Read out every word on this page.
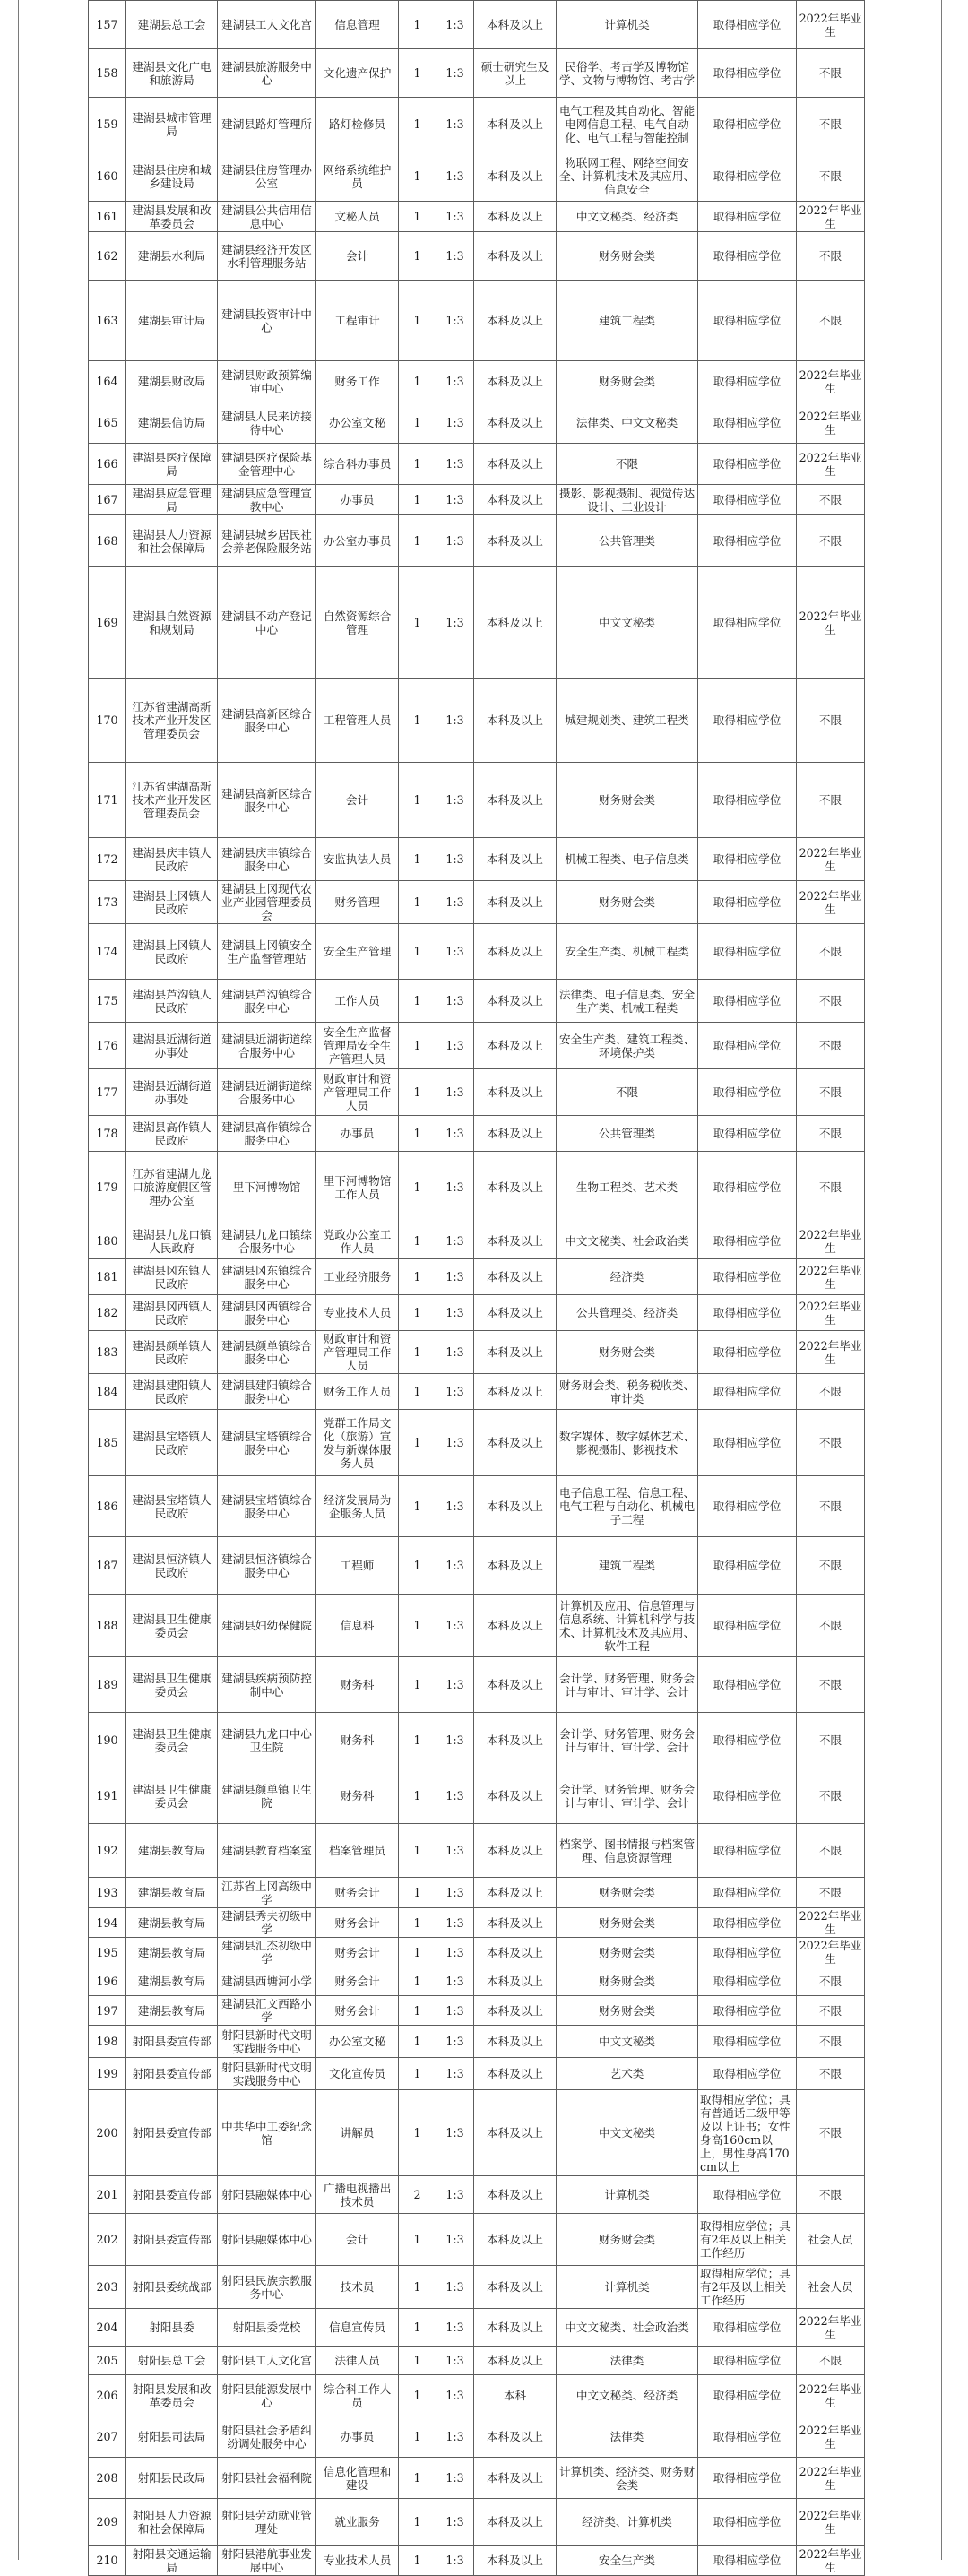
157	建湖县总工会	建湖县工人文化宫	信息管理	1	1:3	本科及以上	计算机类	取得相应学位	2022年毕业生
158	建湖县文化广电和旅游局	建湖县旅游服务中心	文化遗产保护	1	1:3	硕士研究生及以上	民俗学、考古学及博物馆学、文物与博物馆、考古学	取得相应学位	不限
159	建湖县城市管理局	建湖县路灯管理所	路灯检修员	1	1:3	本科及以上	电气工程及其自动化、智能电网信息工程、电气自动化、电气工程与智能控制	取得相应学位	不限
160	建湖县住房和城乡建设局	建湖县住房管理办公室	网络系统维护员	1	1:3	本科及以上	物联网工程、网络空间安全、计算机技术及其应用、信息安全	取得相应学位	不限
161	建湖县发展和改革委员会	建湖县公共信用信息中心	文秘人员	1	1:3	本科及以上	中文文秘类、经济类	取得相应学位	2022年毕业生
162	建湖县水利局	建湖县经济开发区水利管理服务站	会计	1	1:3	本科及以上	财务财会类	取得相应学位	不限
163	建湖县审计局	建湖县投资审计中心	工程审计	1	1:3	本科及以上	建筑工程类	取得相应学位	不限
164	建湖县财政局	建湖县财政预算编审中心	财务工作	1	1:3	本科及以上	财务财会类	取得相应学位	2022年毕业生
165	建湖县信访局	建湖县人民来访接待中心	办公室文秘	1	1:3	本科及以上	法律类、中文文秘类	取得相应学位	2022年毕业生
166	建湖县医疗保障局	建湖县医疗保险基金管理中心	综合科办事员	1	1:3	本科及以上	不限	取得相应学位	2022年毕业生
167	建湖县应急管理局	建湖县应急管理宣教中心	办事员	1	1:3	本科及以上	摄影、影视摄制、视觉传达设计、工业设计	取得相应学位	不限
168	建湖县人力资源和社会保障局	建湖县城乡居民社会养老保险服务站	办公室办事员	1	1:3	本科及以上	公共管理类	取得相应学位	不限
169	建湖县自然资源和规划局	建湖县不动产登记中心	自然资源综合管理	1	1:3	本科及以上	中文文秘类	取得相应学位	2022年毕业生
170	江苏省建湖高新技术产业开发区管理委员会	建湖县高新区综合服务中心	工程管理人员	1	1:3	本科及以上	城建规划类、建筑工程类	取得相应学位	不限
171	江苏省建湖高新技术产业开发区管理委员会	建湖县高新区综合服务中心	会计	1	1:3	本科及以上	财务财会类	取得相应学位	不限
172	建湖县庆丰镇人民政府	建湖县庆丰镇综合服务中心	安监执法人员	1	1:3	本科及以上	机械工程类、电子信息类	取得相应学位	2022年毕业生
173	建湖县上冈镇人民政府	建湖县上冈现代农业产业园管理委员会	财务管理	1	1:3	本科及以上	财务财会类	取得相应学位	2022年毕业生
174	建湖县上冈镇人民政府	建湖县上冈镇安全生产监督管理站	安全生产管理	1	1:3	本科及以上	安全生产类、机械工程类	取得相应学位	不限
175	建湖县芦沟镇人民政府	建湖县芦沟镇综合服务中心	工作人员	1	1:3	本科及以上	法律类、电子信息类、安全生产类、机械工程类	取得相应学位	不限
176	建湖县近湖街道办事处	建湖县近湖街道综合服务中心	安全生产监督管理局安全生产管理人员	1	1:3	本科及以上	安全生产类、建筑工程类、环境保护类	取得相应学位	不限
177	建湖县近湖街道办事处	建湖县近湖街道综合服务中心	财政审计和资产管理局工作人员	1	1:3	本科及以上	不限	取得相应学位	不限
178	建湖县高作镇人民政府	建湖县高作镇综合服务中心	办事员	1	1:3	本科及以上	公共管理类	取得相应学位	不限
179	江苏省建湖九龙口旅游度假区管理办公室	里下河博物馆	里下河博物馆工作人员	1	1:3	本科及以上	生物工程类、艺术类	取得相应学位	不限
180	建湖县九龙口镇人民政府	建湖县九龙口镇综合服务中心	党政办公室工作人员	1	1:3	本科及以上	中文文秘类、社会政治类	取得相应学位	2022年毕业生
181	建湖县冈东镇人民政府	建湖县冈东镇综合服务中心	工业经济服务	1	1:3	本科及以上	经济类	取得相应学位	2022年毕业生
182	建湖县冈西镇人民政府	建湖县冈西镇综合服务中心	专业技术人员	1	1:3	本科及以上	公共管理类、经济类	取得相应学位	2022年毕业生
183	建湖县颜单镇人民政府	建湖县颜单镇综合服务中心	财政审计和资产管理局工作人员	1	1:3	本科及以上	财务财会类	取得相应学位	2022年毕业生
184	建湖县建阳镇人民政府	建湖县建阳镇综合服务中心	财务工作人员	1	1:3	本科及以上	财务财会类、税务税收类、审计类	取得相应学位	不限
185	建湖县宝塔镇人民政府	建湖县宝塔镇综合服务中心	党群工作局文化（旅游）宣发与新媒体服务人员	1	1:3	本科及以上	数字媒体、数字媒体艺术、影视摄制、影视技术	取得相应学位	不限
186	建湖县宝塔镇人民政府	建湖县宝塔镇综合服务中心	经济发展局为企服务人员	1	1:3	本科及以上	电子信息工程、信息工程、电气工程与自动化、机械电子工程	取得相应学位	不限
187	建湖县恒济镇人民政府	建湖县恒济镇综合服务中心	工程师	1	1:3	本科及以上	建筑工程类	取得相应学位	不限
188	建湖县卫生健康委员会	建湖县妇幼保健院	信息科	1	1:3	本科及以上	计算机及应用、信息管理与信息系统、计算机科学与技术、计算机技术及其应用、软件工程	取得相应学位	不限
189	建湖县卫生健康委员会	建湖县疾病预防控制中心	财务科	1	1:3	本科及以上	会计学、财务管理、财务会计与审计、审计学、会计	取得相应学位	不限
190	建湖县卫生健康委员会	建湖县九龙口中心卫生院	财务科	1	1:3	本科及以上	会计学、财务管理、财务会计与审计、审计学、会计	取得相应学位	不限
191	建湖县卫生健康委员会	建湖县颜单镇卫生院	财务科	1	1:3	本科及以上	会计学、财务管理、财务会计与审计、审计学、会计	取得相应学位	不限
192	建湖县教育局	建湖县教育档案室	档案管理员	1	1:3	本科及以上	档案学、图书情报与档案管理、信息资源管理	取得相应学位	不限
193	建湖县教育局	江苏省上冈高级中学	财务会计	1	1:3	本科及以上	财务财会类	取得相应学位	不限
194	建湖县教育局	建湖县秀夫初级中学	财务会计	1	1:3	本科及以上	财务财会类	取得相应学位	2022年毕业生
195	建湖县教育局	建湖县汇杰初级中学	财务会计	1	1:3	本科及以上	财务财会类	取得相应学位	2022年毕业生
196	建湖县教育局	建湖县西塘河小学	财务会计	1	1:3	本科及以上	财务财会类	取得相应学位	不限
197	建湖县教育局	建湖县汇文西路小学	财务会计	1	1:3	本科及以上	财务财会类	取得相应学位	不限
198	射阳县委宣传部	射阳县新时代文明实践服务中心	办公室文秘	1	1:3	本科及以上	中文文秘类	取得相应学位	不限
199	射阳县委宣传部	射阳县新时代文明实践服务中心	文化宣传员	1	1:3	本科及以上	艺术类	取得相应学位	不限
200	射阳县委宣传部	中共华中工委纪念馆	讲解员	1	1:3	本科及以上	中文文秘类	取得相应学位；具有普通话二级甲等及以上证书；女性身高160cm以上，男性身高170cm以上	不限
201	射阳县委宣传部	射阳县融媒体中心	广播电视播出技术员	2	1:3	本科及以上	计算机类	取得相应学位	不限
202	射阳县委宣传部	射阳县融媒体中心	会计	1	1:3	本科及以上	财务财会类	取得相应学位；具有2年及以上相关工作经历	社会人员
203	射阳县委统战部	射阳县民族宗教服务中心	技术员	1	1:3	本科及以上	计算机类	取得相应学位；具有2年及以上相关工作经历	社会人员
204	射阳县委	射阳县委党校	信息宣传员	1	1:3	本科及以上	中文文秘类、社会政治类	取得相应学位	2022年毕业生
205	射阳县总工会	射阳县工人文化宫	法律人员	1	1:3	本科及以上	法律类	取得相应学位	不限
206	射阳县发展和改革委员会	射阳县能源发展中心	综合科工作人员	1	1:3	本科	中文文秘类、经济类	取得相应学位	2022年毕业生
207	射阳县司法局	射阳县社会矛盾纠纷调处服务中心	办事员	1	1:3	本科及以上	法律类	取得相应学位	2022年毕业生
208	射阳县民政局	射阳县社会福利院	信息化管理和建设	1	1:3	本科及以上	计算机类、经济类、财务财会类	取得相应学位	2022年毕业生
209	射阳县人力资源和社会保障局	射阳县劳动就业管理处	就业服务	1	1:3	本科及以上	经济类、计算机类	取得相应学位	2022年毕业生
210	射阳县交通运输局	射阳县港航事业发展中心	专业技术人员	1	1:3	本科及以上	安全生产类	取得相应学位	2022年毕业生
